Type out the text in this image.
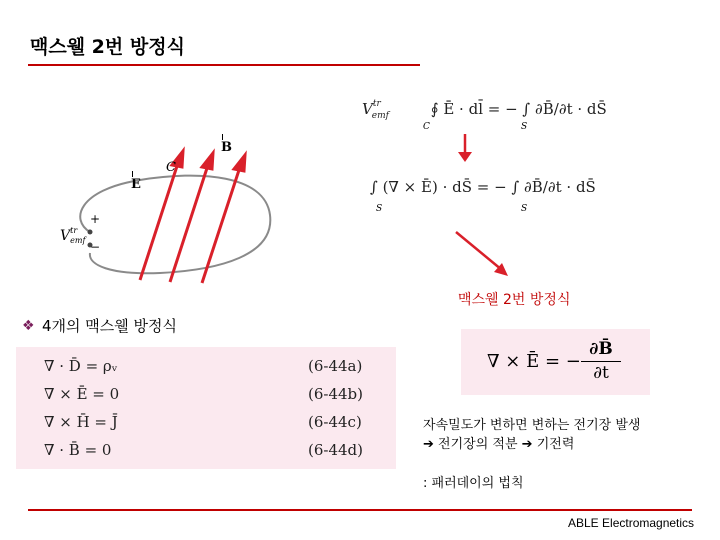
맥스웰 2번 방정식
B
E
C
+
−
$V^{tr}_{emf}$
$V^{tr}_{emf}$	∮ Ē · dl̄ = − ∫ ∂B̄/∂t · dS̄
C	S
∫ (∇ × Ē) · dS̄ = − ∫ ∂B̄/∂t · dS̄
S	S
맥스웰 2번 방정식
❖ 4개의 맥스웰 방정식
∇ · D̄ = ρᵥ	(6-44a)
∇ × Ē = 0	(6-44b)
∇ × H̄ = J̄	(6-44c)
∇ · B̄ = 0	(6-44d)
∇ × Ē = −
∂B̄
∂t
자속밀도가 변하면 변하는 전기장 발생
➔ 전기장의 적분 ➔ 기전력
: 패러데이의 법칙
ABLE Electromagnetics
